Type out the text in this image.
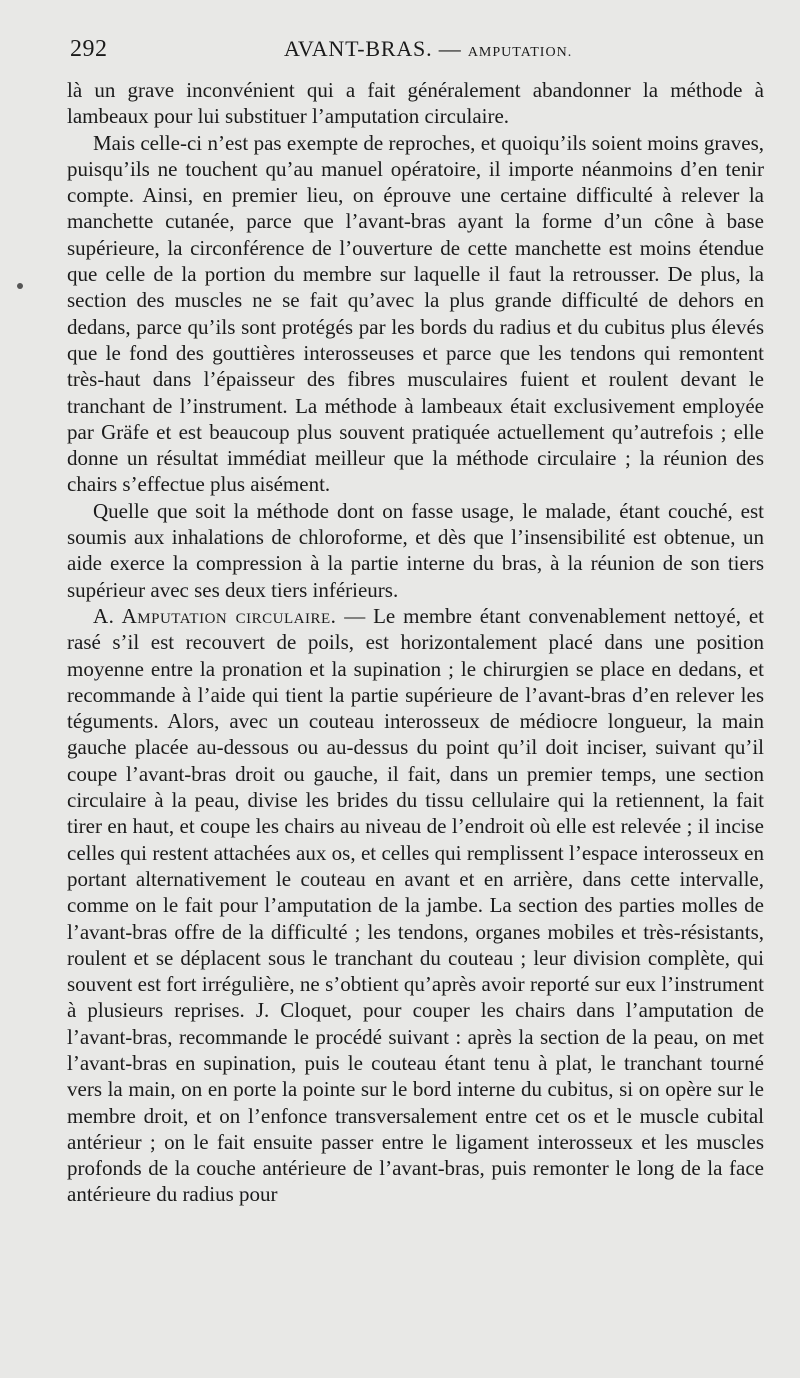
292	AVANT-BRAS. — AMPUTATION.

là un grave inconvénient qui a fait généralement abandonner la méthode à lambeaux pour lui substituer l’amputation circulaire.

Mais celle-ci n’est pas exempte de reproches, et quoiqu’ils soient moins graves, puisqu’ils ne touchent qu’au manuel opératoire, il importe néanmoins d’en tenir compte. Ainsi, en premier lieu, on éprouve une certaine difficulté à relever la manchette cutanée, parce que l’avant-bras ayant la forme d’un cône à base supérieure, la circonférence de l’ouverture de cette manchette est moins étendue que celle de la portion du membre sur laquelle il faut la retrousser. De plus, la section des muscles ne se fait qu’avec la plus grande difficulté de dehors en dedans, parce qu’ils sont protégés par les bords du radius et du cubitus plus élevés que le fond des gouttières interosseuses et parce que les tendons qui remontent très-haut dans l’épaisseur des fibres musculaires fuient et roulent devant le tranchant de l’instrument. La méthode à lambeaux était exclusivement employée par Gräfe et est beaucoup plus souvent pratiquée actuellement qu’autrefois ; elle donne un résultat immédiat meilleur que la méthode circulaire ; la réunion des chairs s’effectue plus aisément.

Quelle que soit la méthode dont on fasse usage, le malade, étant couché, est soumis aux inhalations de chloroforme, et dès que l’insensibilité est obtenue, un aide exerce la compression à la partie interne du bras, à la réunion de son tiers supérieur avec ses deux tiers inférieurs.

A. Amputation circulaire. — Le membre étant convenablement nettoyé, et rasé s’il est recouvert de poils, est horizontalement placé dans une position moyenne entre la pronation et la supination ; le chirurgien se place en dedans, et recommande à l’aide qui tient la partie supérieure de l’avant-bras d’en relever les téguments. Alors, avec un couteau interosseux de médiocre longueur, la main gauche placée au-dessous ou au-dessus du point qu’il doit inciser, suivant qu’il coupe l’avant-bras droit ou gauche, il fait, dans un premier temps, une section circulaire à la peau, divise les brides du tissu cellulaire qui la retiennent, la fait tirer en haut, et coupe les chairs au niveau de l’endroit où elle est relevée ; il incise celles qui restent attachées aux os, et celles qui remplissent l’espace interosseux en portant alternativement le couteau en avant et en arrière, dans cette intervalle, comme on le fait pour l’amputation de la jambe. La section des parties molles de l’avant-bras offre de la difficulté ; les tendons, organes mobiles et très-résistants, roulent et se déplacent sous le tranchant du couteau ; leur division complète, qui souvent est fort irrégulière, ne s’obtient qu’après avoir reporté sur eux l’instrument à plusieurs reprises. J. Cloquet, pour couper les chairs dans l’amputation de l’avant-bras, recommande le procédé suivant : après la section de la peau, on met l’avant-bras en supination, puis le couteau étant tenu à plat, le tranchant tourné vers la main, on en porte la pointe sur le bord interne du cubitus, si on opère sur le membre droit, et on l’enfonce transversalement entre cet os et le muscle cubital antérieur ; on le fait ensuite passer entre le ligament interosseux et les muscles profonds de la couche antérieure de l’avant-bras, puis remonter le long de la face antérieure du radius pour
